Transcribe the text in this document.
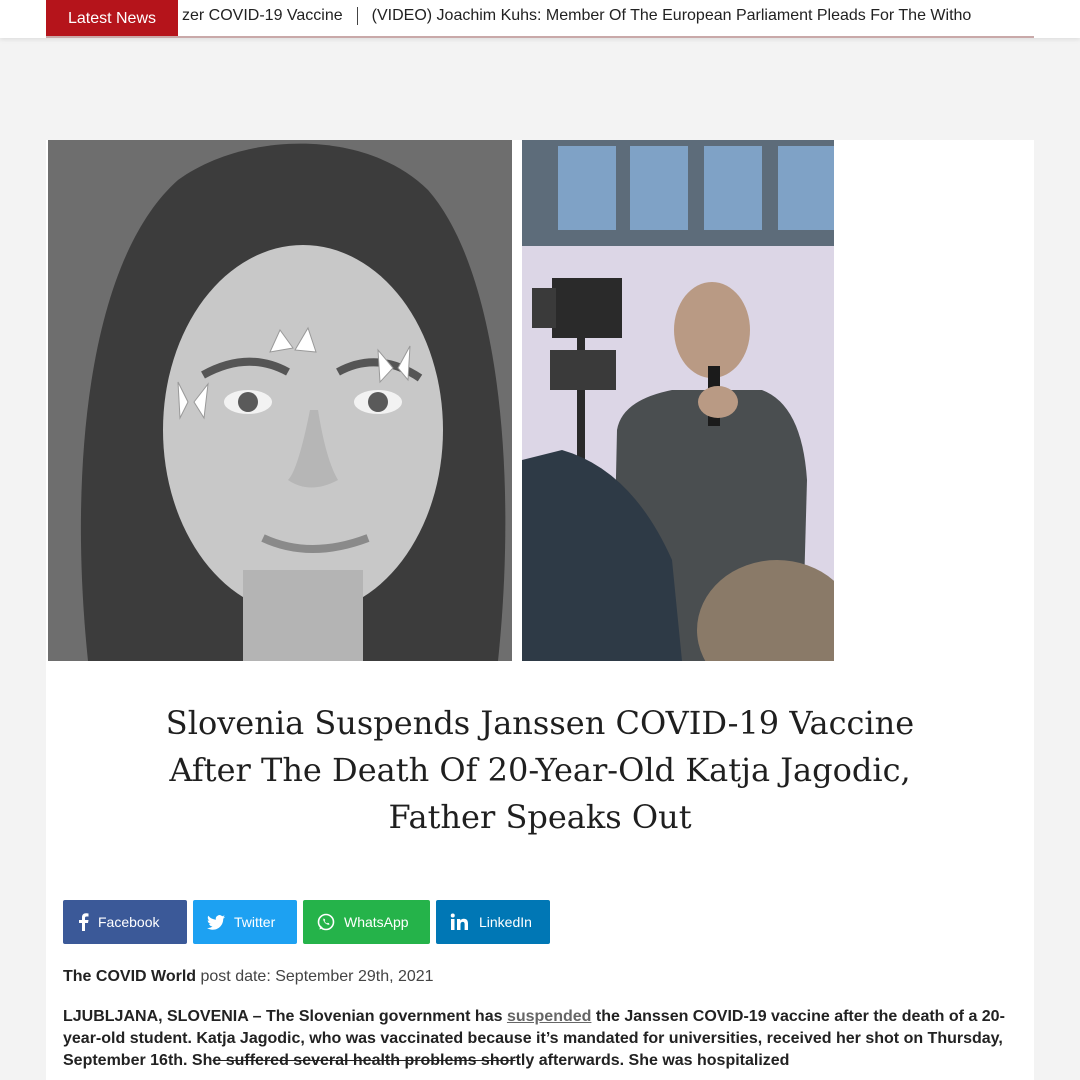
Latest News	zer COVID-19 Vaccine (VIDEO) Joachim Kuhs: Member Of The European Parliament Pleads For The Witho
Slovenia Suspends Janssen COVID-19 Vaccine
After The Death Of 20-Year-Old Katja Jagodic,
Father Speaks Out
Facebook	Twitter	WhatsApp	LinkedIn
The COVID World post date: September 29th, 2021
LJUBLJANA, SLOVENIA – The Slovenian government has suspended the Janssen COVID-19 vaccine after the death of a 20-year-old student. Katja Jagodic, who was vaccinated because it’s mandated for universities, received her shot on Thursday, September 16th. She suffered several health problems shortly afterwards. She was hospitalized
